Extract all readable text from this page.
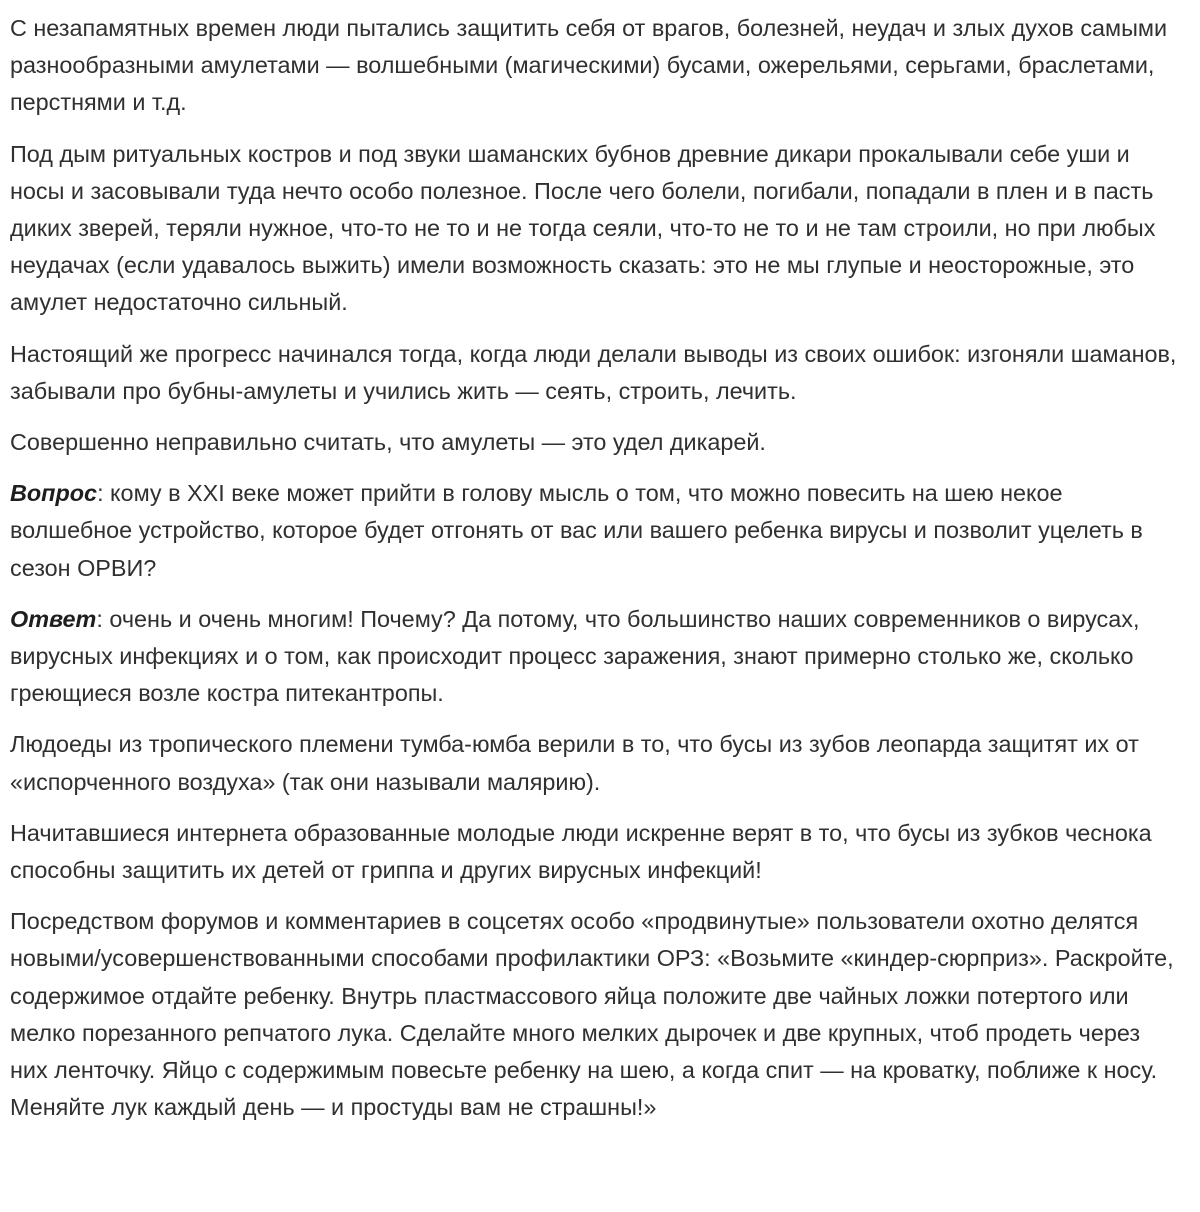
С незапамятных времен люди пытались защитить себя от врагов, болезней, неудач и злых духов самыми разнообразными амулетами — волшебными (магическими) бусами, ожерельями, серьгами, браслетами, перстнями и т.д.

Под дым ритуальных костров и под звуки шаманских бубнов древние дикари прокалывали себе уши и носы и засовывали туда нечто особо полезное. После чего болели, погибали, попадали в плен и в пасть диких зверей, теряли нужное, что-то не то и не тогда сеяли, что-то не то и не там строили, но при любых неудачах (если удавалось выжить) имели возможность сказать: это не мы глупые и неосторожные, это амулет недостаточно сильный.

Настоящий же прогресс начинался тогда, когда люди делали выводы из своих ошибок: изгоняли шаманов, забывали про бубны-амулеты и учились жить — сеять, строить, лечить.

Совершенно неправильно считать, что амулеты — это удел дикарей.

Вопрос: кому в XXI веке может прийти в голову мысль о том, что можно повесить на шею некое волшебное устройство, которое будет отгонять от вас или вашего ребенка вирусы и позволит уцелеть в сезон ОРВИ?

Ответ: очень и очень многим! Почему? Да потому, что большинство наших современников о вирусах, вирусных инфекциях и о том, как происходит процесс заражения, знают примерно столько же, сколько греющиеся возле костра питекантропы.

Людоеды из тропического племени тумба-юмба верили в то, что бусы из зубов леопарда защитят их от «испорченного воздуха» (так они называли малярию).

Начитавшиеся интернета образованные молодые люди искренне верят в то, что бусы из зубков чеснока способны защитить их детей от гриппа и других вирусных инфекций!

Посредством форумов и комментариев в соцсетях особо «продвинутые» пользователи охотно делятся новыми/усовершенствованными способами профилактики ОРЗ: «Возьмите «киндер-сюрприз». Раскройте, содержимое отдайте ребенку. Внутрь пластмассового яйца положите две чайных ложки потертого или мелко порезанного репчатого лука. Сделайте много мелких дырочек и две крупных, чтоб продеть через них ленточку. Яйцо с содержимым повесьте ребенку на шею, а когда спит — на кроватку, поближе к носу. Меняйте лук каждый день — и простуды вам не страшны!»
